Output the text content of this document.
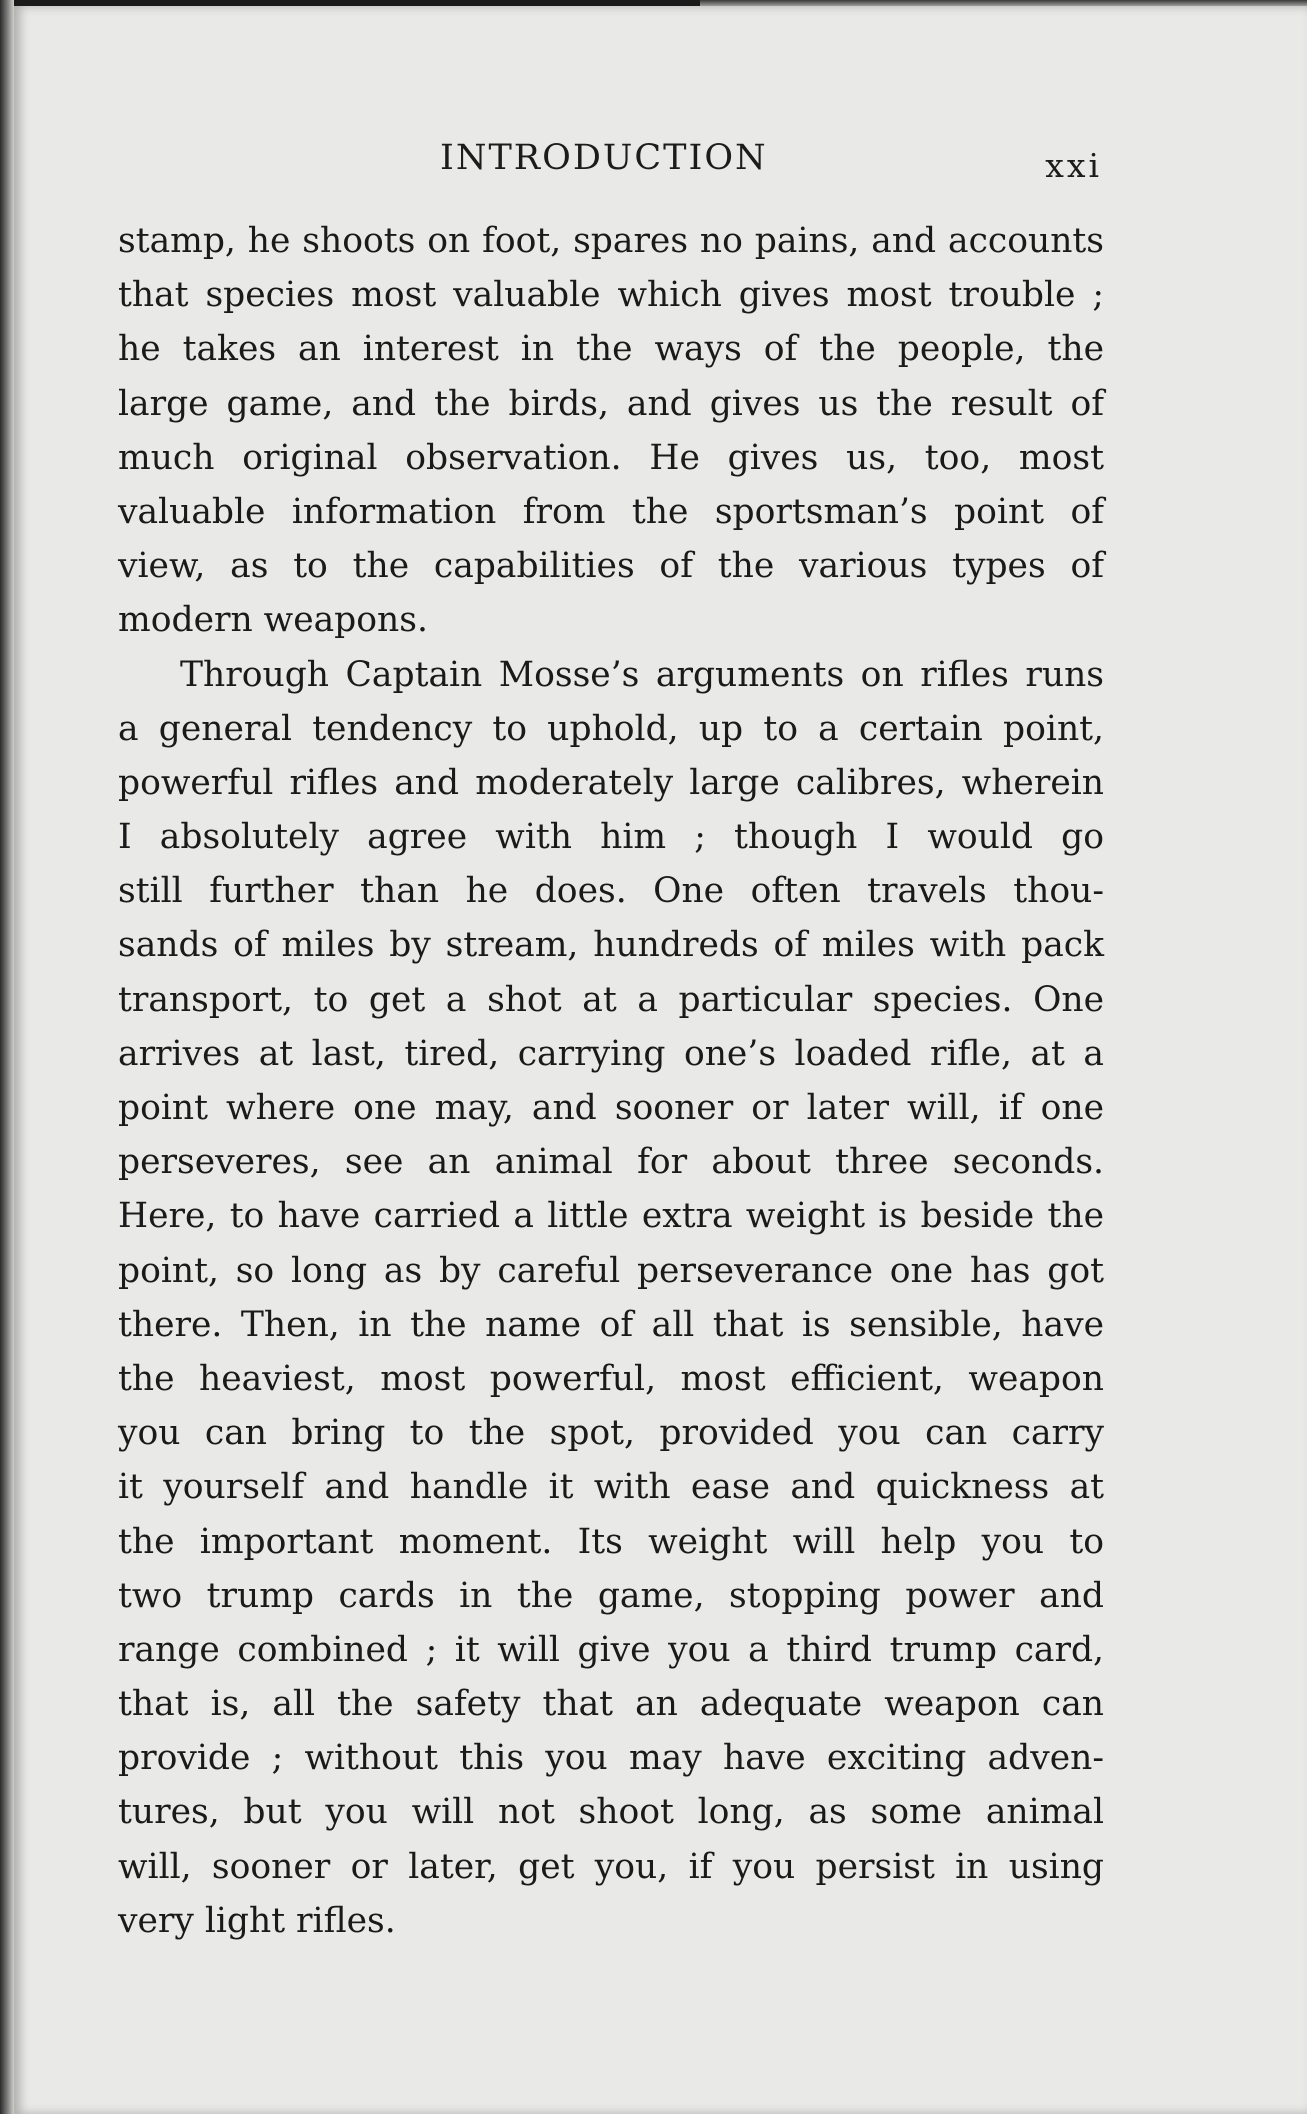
INTRODUCTION	xxi
stamp, he shoots on foot, spares no pains, and accounts
that species most valuable which gives most trouble ;
he takes an interest in the ways of the people, the
large game, and the birds, and gives us the result of
much original observation. He gives us, too, most
valuable information from the sportsman’s point of
view, as to the capabilities of the various types of
modern weapons.
Through Captain Mosse’s arguments on rifles runs
a general tendency to uphold, up to a certain point,
powerful rifles and moderately large calibres, wherein
I absolutely agree with him ; though I would go
still further than he does. One often travels thou-
sands of miles by stream, hundreds of miles with pack
transport, to get a shot at a particular species. One
arrives at last, tired, carrying one’s loaded rifle, at a
point where one may, and sooner or later will, if one
perseveres, see an animal for about three seconds.
Here, to have carried a little extra weight is beside the
point, so long as by careful perseverance one has got
there. Then, in the name of all that is sensible, have
the heaviest, most powerful, most efficient, weapon
you can bring to the spot, provided you can carry
it yourself and handle it with ease and quickness at
the important moment. Its weight will help you to
two trump cards in the game, stopping power and
range combined ; it will give you a third trump card,
that is, all the safety that an adequate weapon can
provide ; without this you may have exciting adven-
tures, but you will not shoot long, as some animal
will, sooner or later, get you, if you persist in using
very light rifles.
